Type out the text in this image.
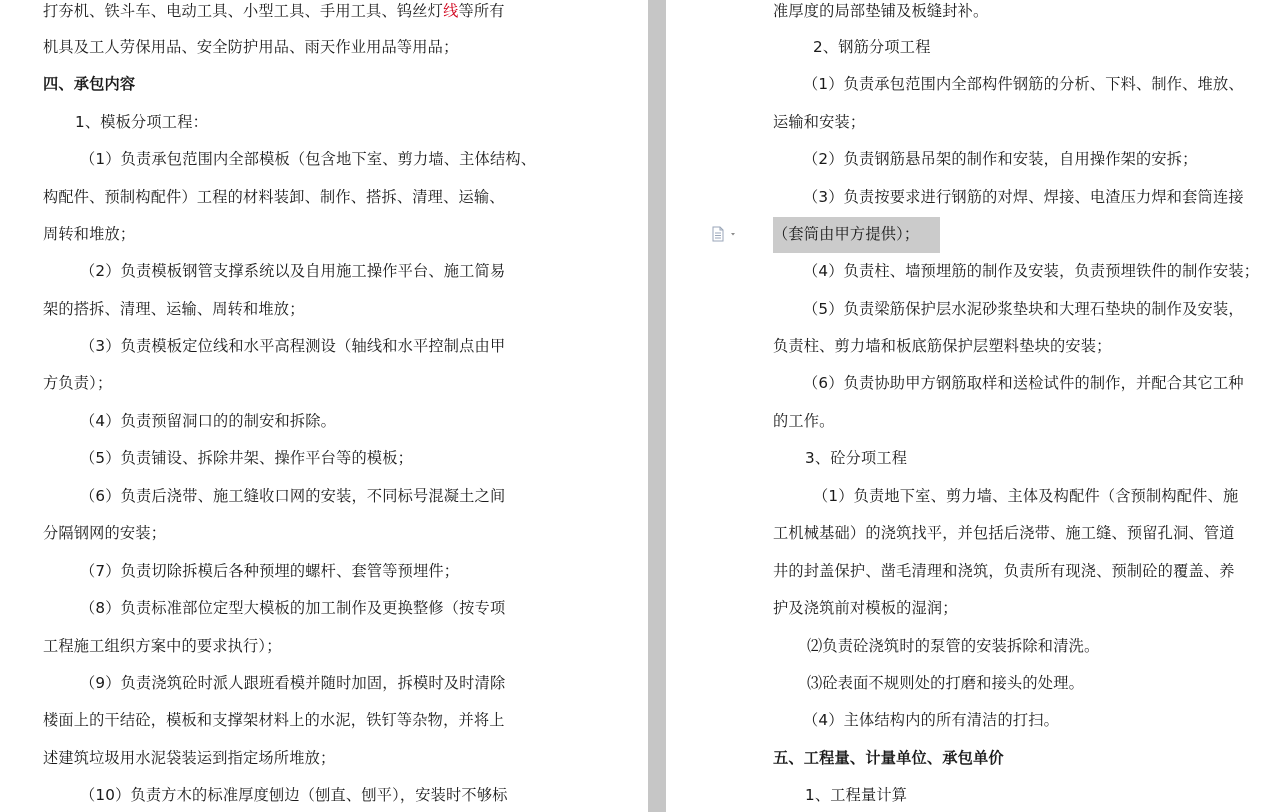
打夯机、铁斗车、电动工具、小型工具、手用工具、钨丝灯线等所有
机具及工人劳保用品、安全防护用品、雨天作业用品等用品；
四、承包内容
1、模板分项工程：
（1）负责承包范围内全部模板（包含地下室、剪力墙、主体结构、
构配件、预制构配件）工程的材料装卸、制作、搭拆、清理、运输、
周转和堆放；
（2）负责模板钢管支撑系统以及自用施工操作平台、施工简易
架的搭拆、清理、运输、周转和堆放；
（3）负责模板定位线和水平高程测设（轴线和水平控制点由甲
方负责）；
（4）负责预留洞口的的制安和拆除。
（5）负责铺设、拆除井架、操作平台等的模板；
（6）负责后浇带、施工缝收口网的安装，不同标号混凝土之间
分隔钢网的安装；
（7）负责切除拆模后各种预埋的螺杆、套管等预埋件；
（8）负责标准部位定型大模板的加工制作及更换整修（按专项
工程施工组织方案中的要求执行）；
（9）负责浇筑砼时派人跟班看模并随时加固，拆模时及时清除
楼面上的干结砼，模板和支撑架材料上的水泥，铁钉等杂物，并将上
述建筑垃圾用水泥袋装运到指定场所堆放；
（10）负责方木的标准厚度刨边（刨直、刨平），安装时不够标
准厚度的局部垫铺及板缝封补。
2、钢筋分项工程
（1）负责承包范围内全部构件钢筋的分析、下料、制作、堆放、
运输和安装；
（2）负责钢筋悬吊架的制作和安装，自用操作架的安拆；
（3）负责按要求进行钢筋的对焊、焊接、电渣压力焊和套筒连接
（套筒由甲方提供）；
（4）负责柱、墙预埋筋的制作及安装，负责预埋铁件的制作安装；
（5）负责梁筋保护层水泥砂浆垫块和大理石垫块的制作及安装，
负责柱、剪力墙和板底筋保护层塑料垫块的安装；
（6）负责协助甲方钢筋取样和送检试件的制作，并配合其它工种
的工作。
3、砼分项工程
（1）负责地下室、剪力墙、主体及构配件（含预制构配件、施
工机械基础）的浇筑找平，并包括后浇带、施工缝、预留孔洞、管道
井的封盖保护、凿毛清理和浇筑，负责所有现浇、预制砼的覆盖、养
护及浇筑前对模板的湿润；
⑵负责砼浇筑时的泵管的安装拆除和清洗。
⑶砼表面不规则处的打磨和接头的处理。
（4）主体结构内的所有清洁的打扫。
五、工程量、计量单位、承包单价
1、工程量计算
